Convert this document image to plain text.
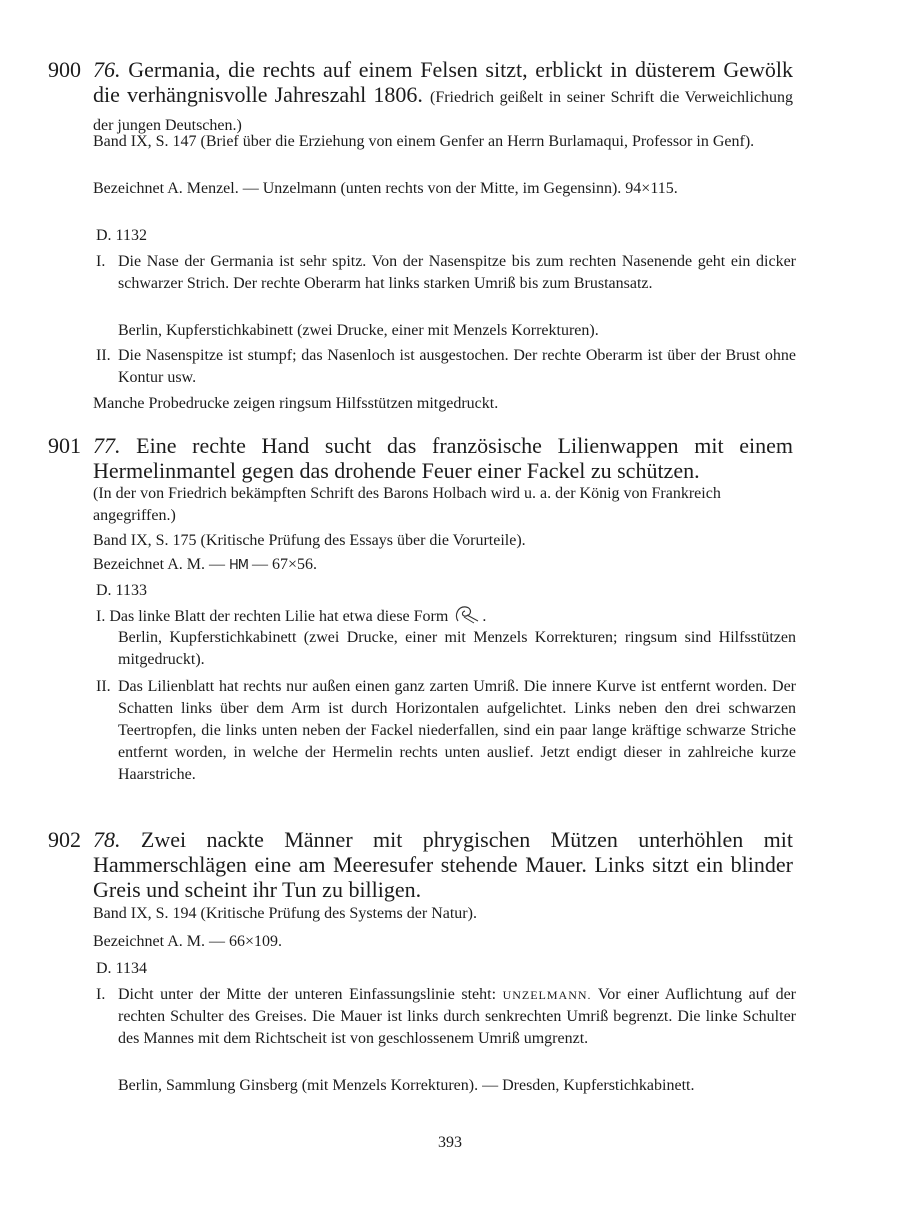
900 76. Germania, die rechts auf einem Felsen sitzt, erblickt in düsterem Gewölk die verhängnisvolle Jahreszahl 1806. (Friedrich geißelt in seiner Schrift die Verweichlichung der jungen Deutschen.)
Band IX, S. 147 (Brief über die Erziehung von einem Genfer an Herrn Burlamaqui, Professor in Genf).
Bezeichnet A. Menzel. — Unzelmann (unten rechts von der Mitte, im Gegensinn). 94×115.
D. 1132
I. Die Nase der Germania ist sehr spitz. Von der Nasenspitze bis zum rechten Nasenende geht ein dicker schwarzer Strich. Der rechte Oberarm hat links starken Umriß bis zum Brustansatz.
Berlin, Kupferstichkabinett (zwei Drucke, einer mit Menzels Korrekturen).
II. Die Nasenspitze ist stumpf; das Nasenloch ist ausgestochen. Der rechte Oberarm ist über der Brust ohne Kontur usw.
Manche Probedrucke zeigen ringsum Hilfsstützen mitgedruckt.
901 77. Eine rechte Hand sucht das französische Lilienwappen mit einem Hermelinmantel gegen das drohende Feuer einer Fackel zu schützen.
(In der von Friedrich bekämpften Schrift des Barons Holbach wird u. a. der König von Frankreich angegriffen.)
Band IX, S. 175 (Kritische Prüfung des Essays über die Vorurteile).
Bezeichnet A. M. — HM — 67×56.
D. 1133
I. Das linke Blatt der rechten Lilie hat etwa diese Form .
Berlin, Kupferstichkabinett (zwei Drucke, einer mit Menzels Korrekturen; ringsum sind Hilfsstützen mitgedruckt).
II. Das Lilienblatt hat rechts nur außen einen ganz zarten Umriß. Die innere Kurve ist entfernt worden. Der Schatten links über dem Arm ist durch Horizontalen aufgelichtet. Links neben den drei schwarzen Teertropfen, die links unten neben der Fackel niederfallen, sind ein paar lange kräftige schwarze Striche entfernt worden, in welche der Hermelin rechts unten auslief. Jetzt endigt dieser in zahlreiche kurze Haarstriche.
902 78. Zwei nackte Männer mit phrygischen Mützen unterhöhlen mit Hammerschlägen eine am Meeresufer stehende Mauer. Links sitzt ein blinder Greis und scheint ihr Tun zu billigen.
Band IX, S. 194 (Kritische Prüfung des Systems der Natur).
Bezeichnet A. M. — 66×109.
D. 1134
I. Dicht unter der Mitte der unteren Einfassungslinie steht: UNZELMANN. Vor einer Auflichtung auf der rechten Schulter des Greises. Die Mauer ist links durch senkrechten Umriß begrenzt. Die linke Schulter des Mannes mit dem Richtscheit ist von geschlossenem Umriß umgrenzt.
Berlin, Sammlung Ginsberg (mit Menzels Korrekturen). — Dresden, Kupferstichkabinett.
393
